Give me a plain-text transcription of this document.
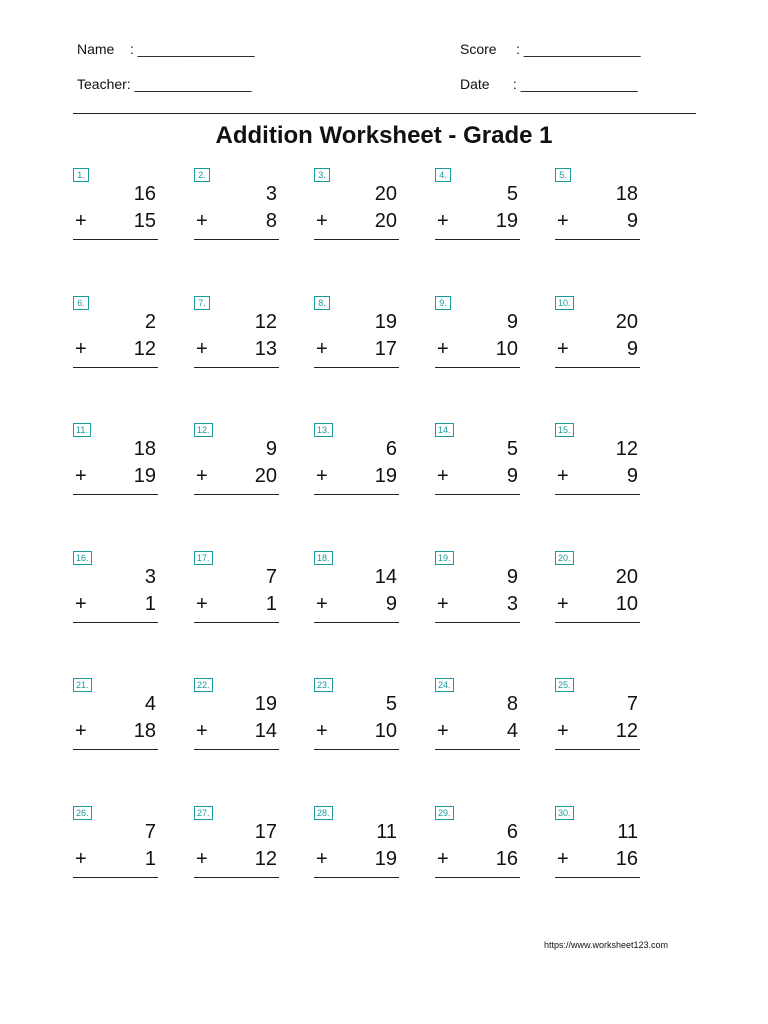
Name    : _______________
Teacher: _______________
Score     : _______________
Date      : _______________
Addition Worksheet - Grade 1
1.
16
+ 15
2.
3
+	8
3.
20
+ 20
4.
5
+ 19
5.
18
+	9
6.
2
+ 12
7.
12
+ 13
8.
19
+ 17
9.
9
+ 10
10.
20
+	9
11.
18
+ 19
12.
9
+ 20
13.
6
+ 19
14.
5
+	9
15.
12
+	9
16.
3
+	1
17.
7
+	1
18.
14
+	9
19.
9
+	3
20.
20
+ 10
21.
4
+ 18
22.
19
+ 14
23.
5
+ 10
24.
8
+	4
25.
7
+ 12
26.
7
+	1
27.
17
+ 12
28.
11
+ 19
29.
6
+ 16
30.
11
+ 16
https://www.worksheet123.com
